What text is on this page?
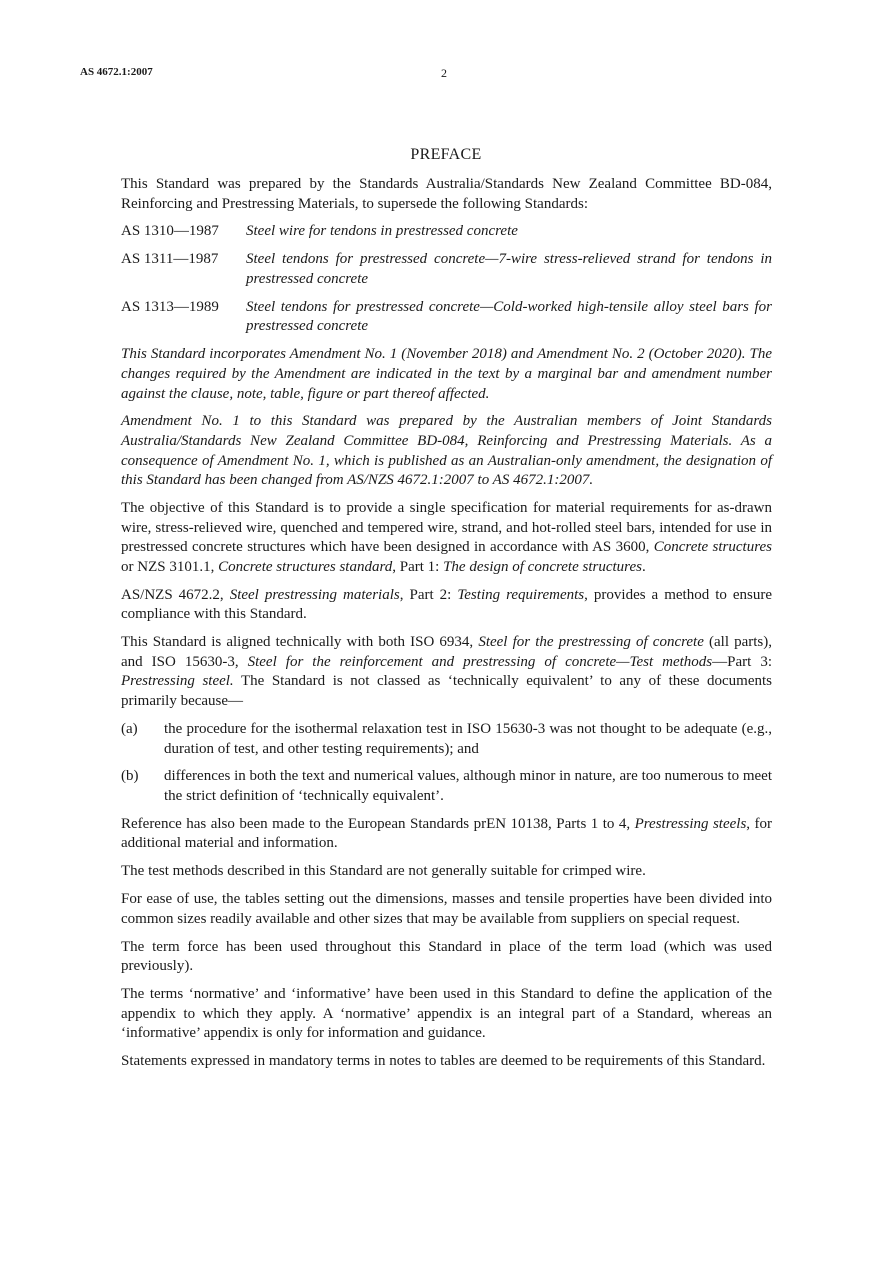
AS 4672.1:2007	2
PREFACE

This Standard was prepared by the Standards Australia/Standards New Zealand Committee BD-084, Reinforcing and Prestressing Materials, to supersede the following Standards:

AS 1310—1987	Steel wire for tendons in prestressed concrete
AS 1311—1987	Steel tendons for prestressed concrete—7-wire stress-relieved strand for tendons in prestressed concrete
AS 1313—1989	Steel tendons for prestressed concrete—Cold-worked high-tensile alloy steel bars for prestressed concrete

This Standard incorporates Amendment No. 1 (November 2018) and Amendment No. 2 (October 2020). The changes required by the Amendment are indicated in the text by a marginal bar and amendment number against the clause, note, table, figure or part thereof affected.

Amendment No. 1 to this Standard was prepared by the Australian members of Joint Standards Australia/Standards New Zealand Committee BD-084, Reinforcing and Prestressing Materials. As a consequence of Amendment No. 1, which is published as an Australian-only amendment, the designation of this Standard has been changed from AS/NZS 4672.1:2007 to AS 4672.1:2007.

The objective of this Standard is to provide a single specification for material requirements for as-drawn wire, stress-relieved wire, quenched and tempered wire, strand, and hot-rolled steel bars, intended for use in prestressed concrete structures which have been designed in accordance with AS 3600, Concrete structures or NZS 3101.1, Concrete structures standard, Part 1: The design of concrete structures.

AS/NZS 4672.2, Steel prestressing materials, Part 2: Testing requirements, provides a method to ensure compliance with this Standard.

This Standard is aligned technically with both ISO 6934, Steel for the prestressing of concrete (all parts), and ISO 15630-3, Steel for the reinforcement and prestressing of concrete—Test methods—Part 3: Prestressing steel. The Standard is not classed as ‘technically equivalent’ to any of these documents primarily because—

(a)	the procedure for the isothermal relaxation test in ISO 15630-3 was not thought to be adequate (e.g., duration of test, and other testing requirements); and
(b)	differences in both the text and numerical values, although minor in nature, are too numerous to meet the strict definition of ‘technically equivalent’.

Reference has also been made to the European Standards prEN 10138, Parts 1 to 4, Prestressing steels, for additional material and information.

The test methods described in this Standard are not generally suitable for crimped wire.

For ease of use, the tables setting out the dimensions, masses and tensile properties have been divided into common sizes readily available and other sizes that may be available from suppliers on special request.

The term force has been used throughout this Standard in place of the term load (which was used previously).

The terms ‘normative’ and ‘informative’ have been used in this Standard to define the application of the appendix to which they apply. A ‘normative’ appendix is an integral part of a Standard, whereas an ‘informative’ appendix is only for information and guidance.

Statements expressed in mandatory terms in notes to tables are deemed to be requirements of this Standard.
